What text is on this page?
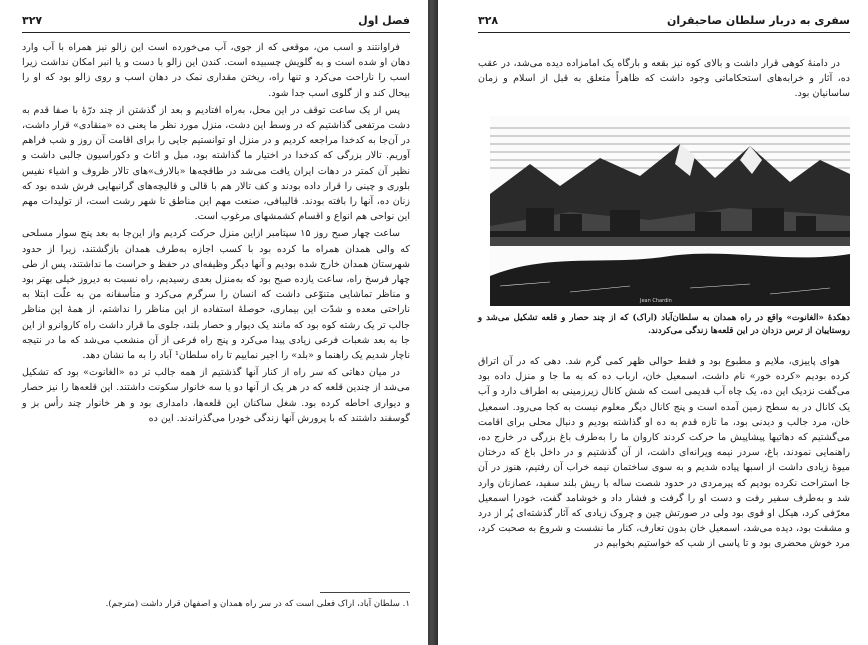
فصل اول
۳۲۷

فراوانتند و اسب من، موقعی که از جوی، آب می‌خورده است این زالو نیز همراه با آب وارد دهان او شده است و به گلویش چسبیده است. کندن این زالو با دست و یا انبر امکان نداشت زیرا اسب را ناراحت می‌کرد و تنها راه، ریختن مقداری نمک در دهان اسب و روی زالو بود که او را بیحال کند و از گلوی اسب جدا شود.

پس از یک ساعت توقف در این محل، به‌راه افتادیم و بعد از گذشتن از چند درّهٔ با صفا قدم به دشت مرتفعی گذاشتیم که در وسط این دشت، منزل مورد نظر ما یعنی ده «منقادی» قرار داشت، در آن‌جا به کدخدا مراجعه کردیم و در منزل او توانستیم جایی را برای اقامت آن روز و شب فراهم آوریم. تالار بزرگی که کدخدا در اختیار ما گذاشته بود، مبل و اثاث و دکوراسیون جالبی داشت و نظیر آن کمتر در دهات ایران یافت می‌شد در طاقچه‌ها «بالارف»های تالار ظروف و اشیاء نفیس بلوری و چینی را قرار داده بودند و کف تالار هم با قالی و قالیچه‌های گرانبهایی فرش شده بود که زنان ده، آنها را بافته بودند. قالیبافی، صنعت مهم این مناطق تا شهر رشت است، از تولیدات مهم این نواحی هم انواع و اقسام کشمشهای مرغوب است.

ساعت چهار صبح روز ۱۵ سپتامبر ازاین منزل حرکت کردیم واز این‌جا به بعد پنج سوار مسلحی که والی همدان همراه ما کرده بود با کسب اجازه به‌طرف همدان بازگشتند، زیرا از حدود شهرستان همدان خارج شده بودیم و آنها دیگر وظیفه‌ای در حفظ و حراست ما نداشتند، پس از طی چهار فرسخ راه، ساعت یازده صبح بود که به‌منزل بعدی رسیدیم، راه نسبت به دیروز خیلی بهتر بود و مناظر تماشایی متنوّعی داشت که انسان را سرگرم می‌کرد و متأسفانه من به علّت ابتلا به ناراحتی معده و شدّت این بیماری، حوصلهٔ استفاده از این مناظر را نداشتم، از همهٔ این مناظر جالب تر یک رشته کوه بود که مانند یک دیوار و حصار بلند، جلوی ما قرار داشت راه کاروانرو از این جا به بعد شعبات فرعی زیادی پیدا می‌کرد و پنج راه فرعی از آن منشعب می‌شد که ما در نتیجه ناچار شدیم یک راهنما و «بلد» را اجیر نماییم تا راه سلطان‌¹ آباد را به ما نشان دهد.

در میان دهاتی که سر راه از کنار آنها گذشتیم از همه جالب تر ده «الغانوت» بود که تشکیل می‌شد از چندین قلعه که در هر یک از آنها دو یا سه خانوار سکونت داشتند. این قلعه‌ها را نیز حصار و دیواری احاطه کرده بود. شغل ساکنان این قلعه‌ها، دامداری بود و هر خانوار چند رأس بز و گوسفند داشتند که با پرورش آنها زندگی خودرا می‌گذراندند. این ده

۱. سلطان آباد، اراک فعلی است که در سر راه همدان و اصفهان قرار داشت (مترجم).
سفری به دربار سلطان صاحبقران
۳۲۸

در دامنهٔ کوهی قرار داشت و بالای کوه نیز بقعه و بارگاه یک امامزاده دیده می‌شد، در عقب ده، آثار و خرابه‌های استحکاماتی وجود داشت که ظاهراً متعلق به قبل از اسلام و زمان ساسانیان بود.

Jean Chardin
دهکدهٔ «الغانوت» واقع در راه همدان به سلطان‌آباد (اراک) که از چند حصار و قلعه تشکیل می‌شد و روستاییان از ترس دزدان در این قلعه‌ها زندگی می‌کردند.

هوای پاییزی، ملایم و مطبوع بود و فقط حوالی ظهر کمی گرم شد. دهی که در آن اتراق کرده بودیم «کرده خور» نام داشت، اسمعیل خان، ارباب ده که به ما جا و منزل داده بود می‌گفت نزدیک این ده، یک چاه آب قدیمی است که شش کانال زیرزمینی به اطراف دارد و آب یک کانال در به سطح زمین آمده است و پنج کانال دیگر معلوم نیست به کجا می‌رود. اسمعیل خان، مرد جالب و دیدنی بود، ما تازه قدم به ده او گذاشته بودیم و دنبال محلی برای اقامت می‌گشتیم که دهاتیها پیشاپیش ما حرکت کردند کاروان ما را به‌طرف باغ بزرگی در خارج ده، راهنمایی نمودند، باغ، سردر نیمه ویرانه‌ای داشت، از آن گذشتیم و در داخل باغ که درختان میوهٔ زیادی داشت از اسبها پیاده شدیم و به سوی ساختمان نیمه خراب آن رفتیم، هنوز در آن جا استراحت نکرده بودیم که پیرمردی در حدود شصت ساله با ریش بلند سفید، عصازنان وارد شد و به‌طرف سفیر رفت و دست او را گرفت و فشار داد و خوشامد گفت، خودرا اسمعیل معرّفی کرد، هیکل او قوی بود ولی در صورتش چین و چروک زیادی که آثار گذشته‌ای پُر از درد و مشقت بود، دیده می‌شد، اسمعیل خان بدون تعارف، کنار ما نشست و شروع به صحبت کرد، مرد خوش محضری بود و تا پاسی از شب که خواستیم بخوابیم در
